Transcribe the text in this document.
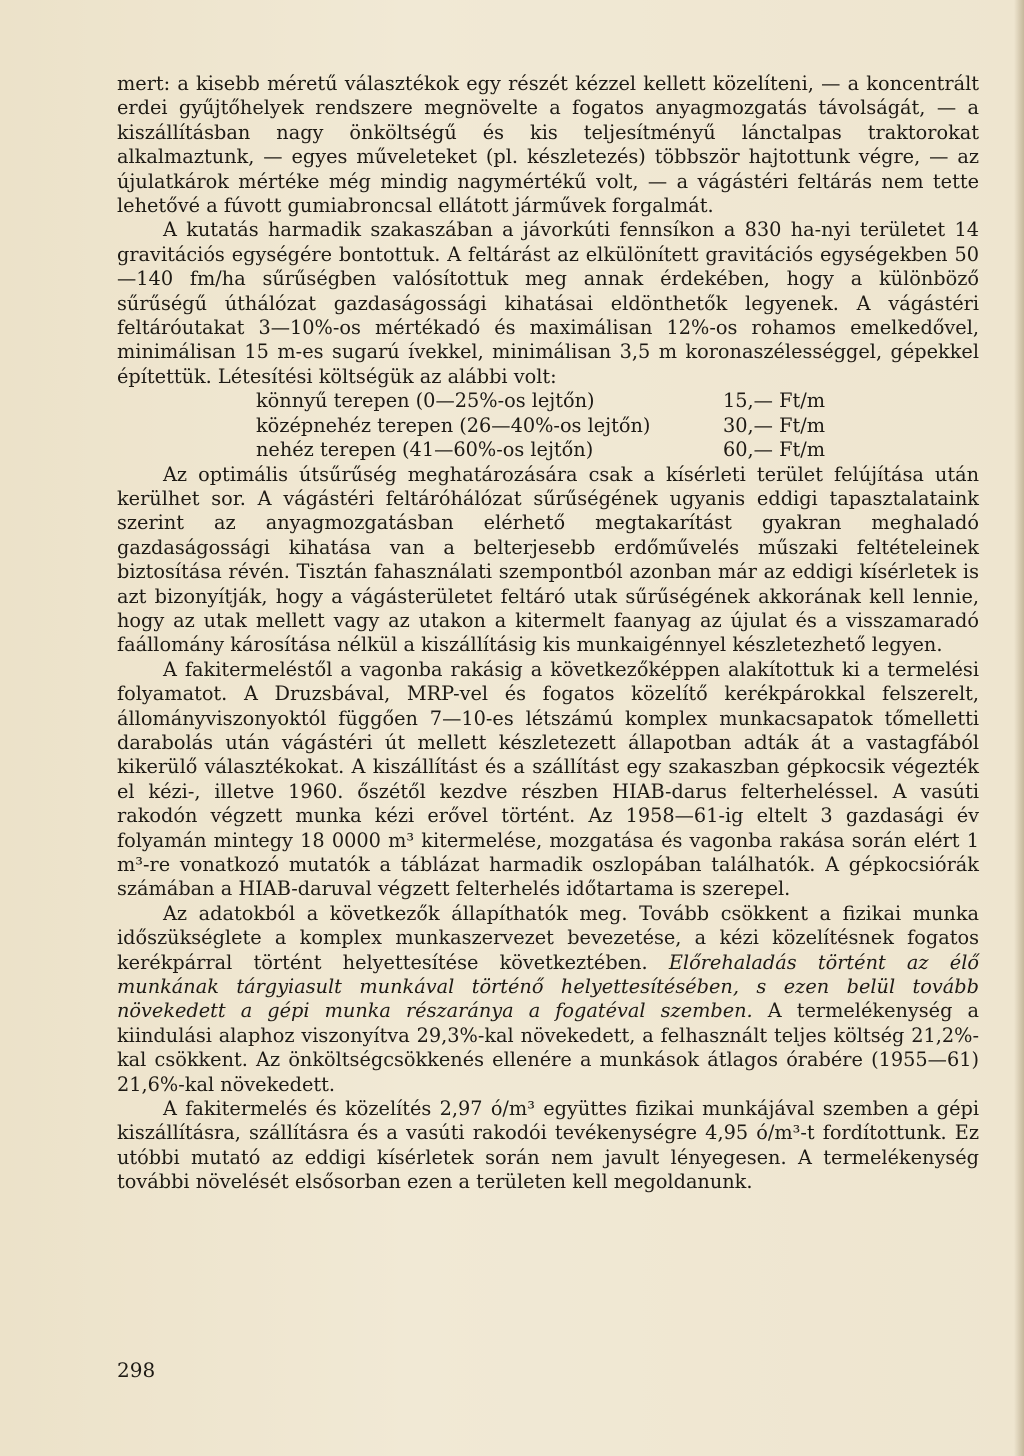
mert: a kisebb méretű választékok egy részét kézzel kellett közelíteni, — a koncentrált erdei gyűjtőhelyek rendszere megnövelte a fogatos anyagmozgatás távolságát, — a kiszállításban nagy önköltségű és kis teljesítményű lánctalpas traktorokat alkalmaztunk, — egyes műveleteket (pl. készletezés) többször hajtottunk végre, — az újulatkárok mértéke még mindig nagymértékű volt, — a vágástéri feltárás nem tette lehetővé a fúvott gumiabroncsal ellátott járművek forgalmát.

A kutatás harmadik szakaszában a jávorkúti fennsíkon a 830 ha-nyi területet 14 gravitációs egységére bontottuk. A feltárást az elkülönített gravitációs egységekben 50—140 fm/ha sűrűségben valósítottuk meg annak érdekében, hogy a különböző sűrűségű úthálózat gazdaságossági kihatásai eldönthetők legyenek. A vágástéri feltáróutakat 3—10%-os mértékadó és maximálisan 12%-os rohamos emelkedővel, minimálisan 15 m-es sugarú ívekkel, minimálisan 3,5 m koronaszélességgel, gépekkel építettük. Létesítési költségük az alábbi volt:

könnyű terepen (0—25%-os lejtőn)	15,— Ft/m
középnehéz terepen (26—40%-os lejtőn)	30,— Ft/m
nehéz terepen (41—60%-os lejtőn)	60,— Ft/m

Az optimális útsűrűség meghatározására csak a kísérleti terület felújítása után kerülhet sor. A vágástéri feltáróhálózat sűrűségének ugyanis eddigi tapasztalataink szerint az anyagmozgatásban elérhető megtakarítást gyakran meghaladó gazdaságossági kihatása van a belterjesebb erdőművelés műszaki feltételeinek biztosítása révén. Tisztán fahasználati szempontból azonban már az eddigi kísérletek is azt bizonyítják, hogy a vágásterületet feltáró utak sűrűségének akkorának kell lennie, hogy az utak mellett vagy az utakon a kitermelt faanyag az újulat és a visszamaradó faállomány károsítása nélkül a kiszállításig kis munkaigénnyel készletezhető legyen.

A fakitermeléstől a vagonba rakásig a következőképpen alakítottuk ki a termelési folyamatot. A Druzsbával, MRP-vel és fogatos közelítő kerékpárokkal felszerelt, állományviszonyoktól függően 7—10-es létszámú komplex munkacsapatok tőmelletti darabolás után vágástéri út mellett készletezett állapotban adták át a vastagfából kikerülő választékokat. A kiszállítást és a szállítást egy szakaszban gépkocsik végezték el kézi-, illetve 1960. őszétől kezdve részben HIAB-darus felterheléssel. A vasúti rakodón végzett munka kézi erővel történt. Az 1958—61-ig eltelt 3 gazdasági év folyamán mintegy 18 0000 m³ kitermelése, mozgatása és vagonba rakása során elért 1 m³-re vonatkozó mutatók a táblázat harmadik oszlopában találhatók. A gépkocsiórák számában a HIAB-daruval végzett felterhelés időtartama is szerepel.

Az adatokból a következők állapíthatók meg. Tovább csökkent a fizikai munka időszükséglete a komplex munkaszervezet bevezetése, a kézi közelítésnek fogatos kerékpárral történt helyettesítése következtében. Előrehaladás történt az élő munkának tárgyiasult munkával történő helyettesítésében, s ezen belül tovább növekedett a gépi munka részaránya a fogatéval szemben. A termelékenység a kiindulási alaphoz viszonyítva 29,3%-kal növekedett, a felhasznált teljes költség 21,2%-kal csökkent. Az önköltségcsökkenés ellenére a munkások átlagos órabére (1955—61) 21,6%-kal növekedett.

A fakitermelés és közelítés 2,97 ó/m³ együttes fizikai munkájával szemben a gépi kiszállításra, szállításra és a vasúti rakodói tevékenységre 4,95 ó/m³-t fordítottunk. Ez utóbbi mutató az eddigi kísérletek során nem javult lényegesen. A termelékenység további növelését elsősorban ezen a területen kell megoldanunk.

298
